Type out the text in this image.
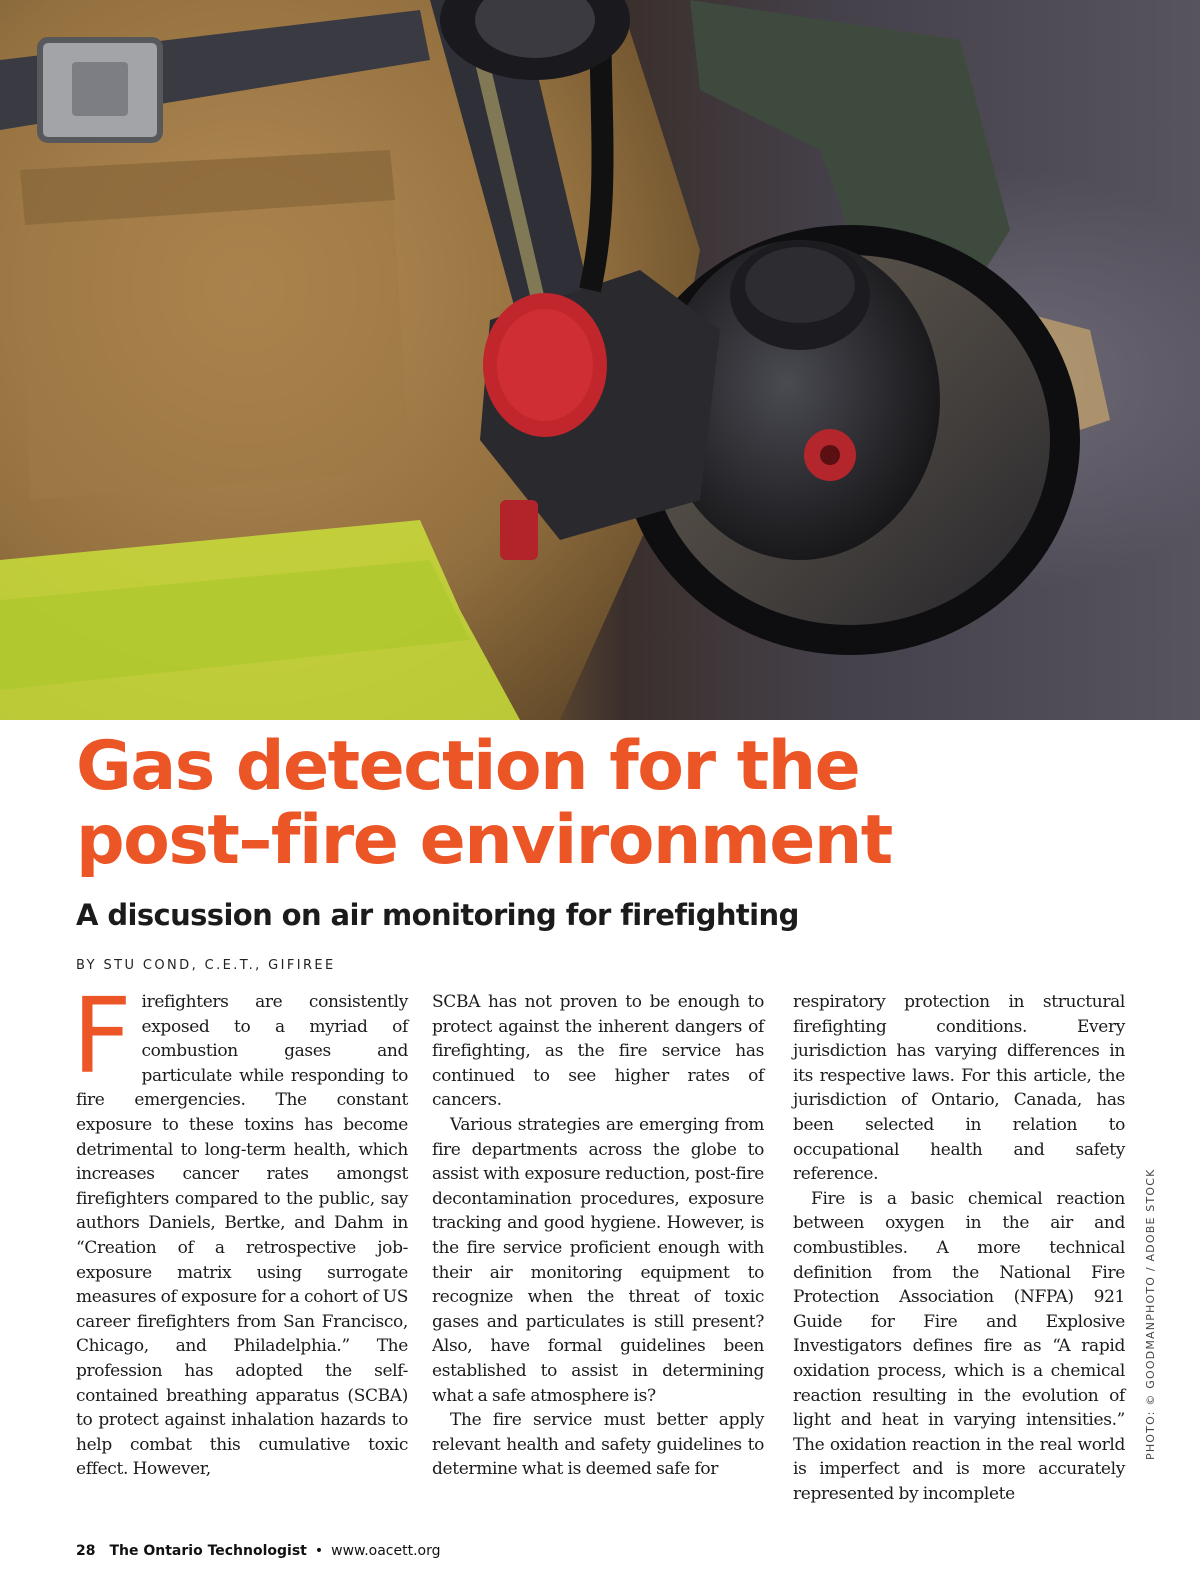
PHOTO: © GOODMANPHOTO / ADOBE STOCK
Gas detection for the
post–fire environment
A discussion on air monitoring for firefighting
BY STU COND, C.E.T., GIFIREE

Firefighters are consistently exposed to a myriad of combustion gases and particulate while responding to fire emergencies. The constant exposure to these toxins has become detrimental to long-term health, which increases cancer rates amongst firefighters compared to the public, say authors Daniels, Bertke, and Dahm in “Creation of a retrospective job-exposure matrix using surrogate measures of exposure for a cohort of US career firefighters from San Francisco, Chicago, and Philadelphia.” The profession has adopted the self-contained breathing apparatus (SCBA) to protect against inhalation hazards to help combat this cumulative toxic effect. However,

SCBA has not proven to be enough to protect against the inherent dangers of firefighting, as the fire service has continued to see higher rates of cancers.

Various strategies are emerging from fire departments across the globe to assist with exposure reduction, post-fire decontamination procedures, exposure tracking and good hygiene. However, is the fire service proficient enough with their air monitoring equipment to recognize when the threat of toxic gases and particulates is still present? Also, have formal guidelines been established to assist in determining what a safe atmosphere is?

The fire service must better apply relevant health and safety guidelines to determine what is deemed safe for

respiratory protection in structural firefighting conditions. Every jurisdiction has varying differences in its respective laws. For this article, the jurisdiction of Ontario, Canada, has been selected in relation to occupational health and safety reference.

Fire is a basic chemical reaction between oxygen in the air and combustibles. A more technical definition from the National Fire Protection Association (NFPA) 921 Guide for Fire and Explosive Investigators defines fire as “A rapid oxidation process, which is a chemical reaction resulting in the evolution of light and heat in varying intensities.” The oxidation reaction in the real world is imperfect and is more accurately represented by incomplete

28 The Ontario Technologist • www.oacett.org
